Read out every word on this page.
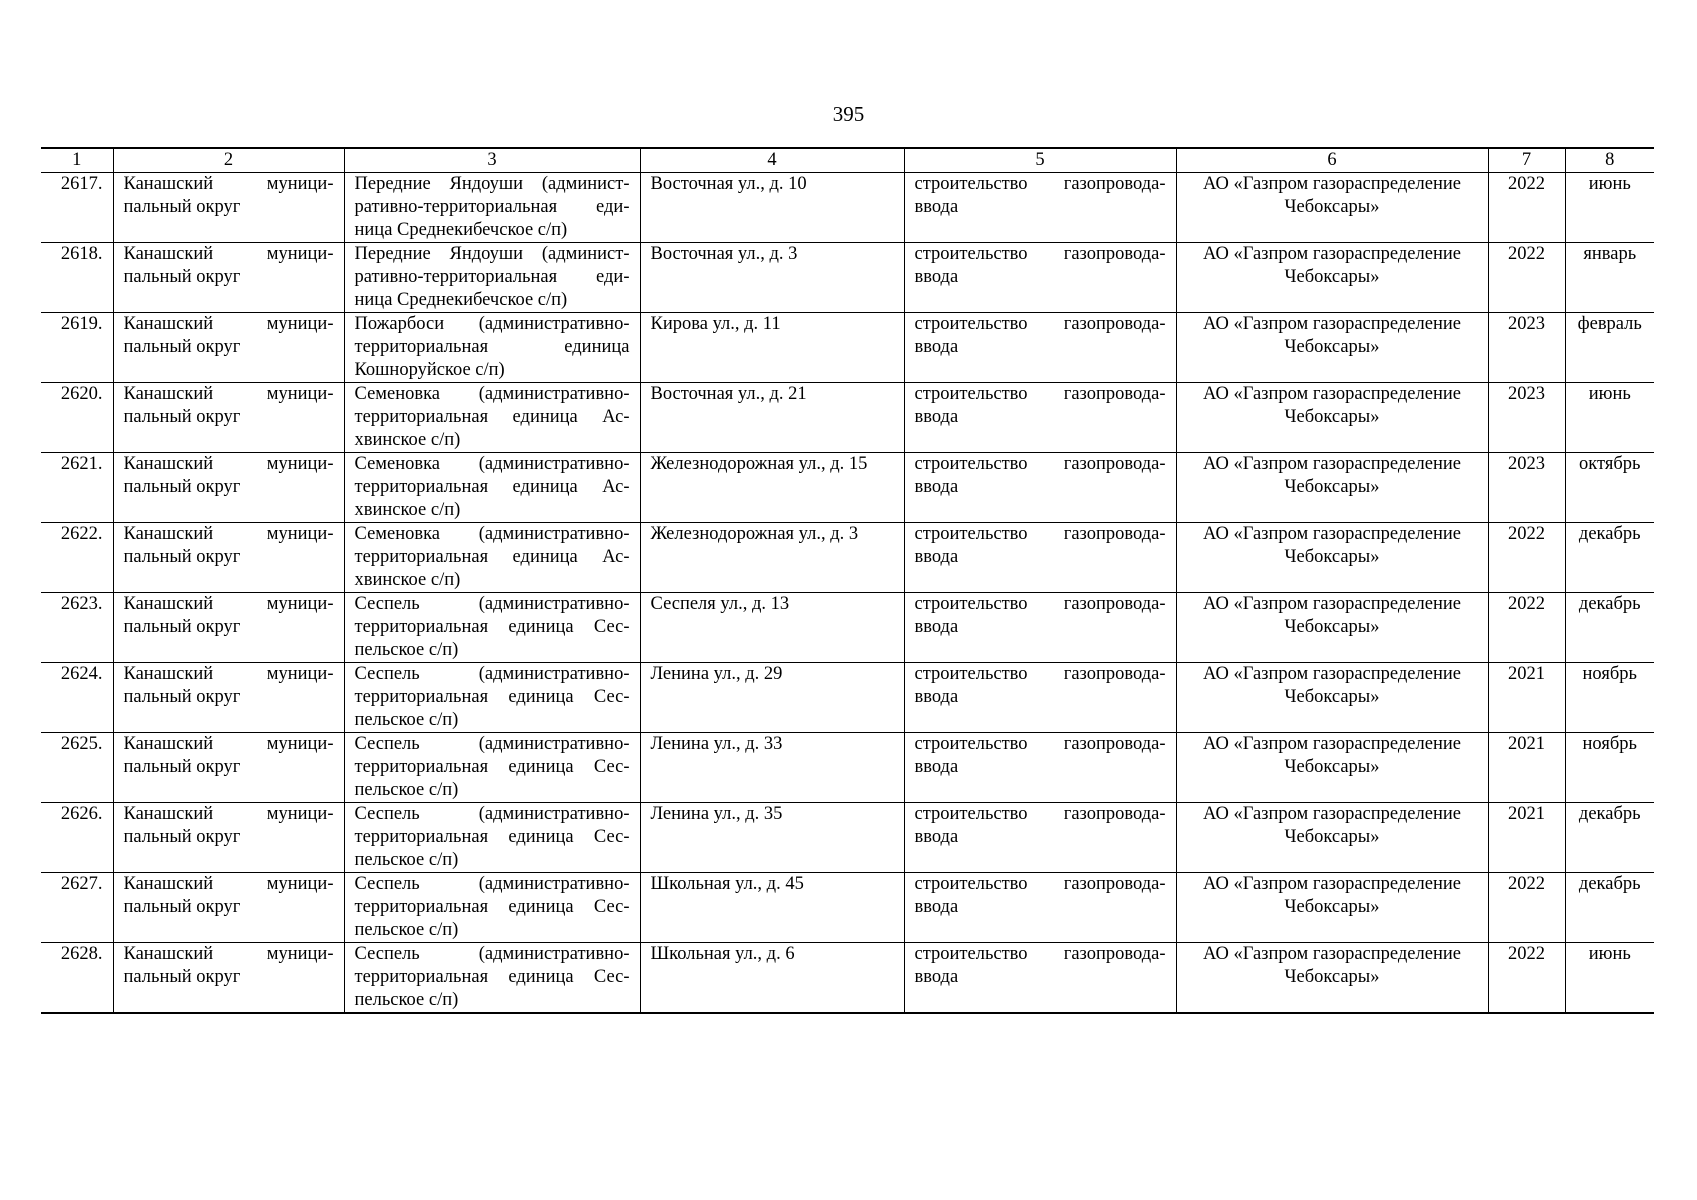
395
1	2	3	4	5	6	7	8
2617.	Канашский муници-пальный округ	Передние Яндоуши (админист-ративно-территориальная еди-ница Среднекибечское с/п)	Восточная ул., д. 10	строительство газопровода-ввода	АО «Газпром газораспределение Чебоксары»	2022	июнь
2618.	Канашский муници-пальный округ	Передние Яндоуши (админист-ративно-территориальная еди-ница Среднекибечское с/п)	Восточная ул., д. 3	строительство газопровода-ввода	АО «Газпром газораспределение Чебоксары»	2022	январь
2619.	Канашский муници-пальный округ	Пожарбоси (административно-территориальная единица Кошноруйское с/п)	Кирова ул., д. 11	строительство газопровода-ввода	АО «Газпром газораспределение Чебоксары»	2023	февраль
2620.	Канашский муници-пальный округ	Семеновка (административно-территориальная единица Ас-хвинское с/п)	Восточная ул., д. 21	строительство газопровода-ввода	АО «Газпром газораспределение Чебоксары»	2023	июнь
2621.	Канашский муници-пальный округ	Семеновка (административно-территориальная единица Ас-хвинское с/п)	Железнодорожная ул., д. 15	строительство газопровода-ввода	АО «Газпром газораспределение Чебоксары»	2023	октябрь
2622.	Канашский муници-пальный округ	Семеновка (административно-территориальная единица Ас-хвинское с/п)	Железнодорожная ул., д. 3	строительство газопровода-ввода	АО «Газпром газораспределение Чебоксары»	2022	декабрь
2623.	Канашский муници-пальный округ	Сеспель (административно-территориальная единица Сес-пельское с/п)	Сеспеля ул., д. 13	строительство газопровода-ввода	АО «Газпром газораспределение Чебоксары»	2022	декабрь
2624.	Канашский муници-пальный округ	Сеспель (административно-территориальная единица Сес-пельское с/п)	Ленина ул., д. 29	строительство газопровода-ввода	АО «Газпром газораспределение Чебоксары»	2021	ноябрь
2625.	Канашский муници-пальный округ	Сеспель (административно-территориальная единица Сес-пельское с/п)	Ленина ул., д. 33	строительство газопровода-ввода	АО «Газпром газораспределение Чебоксары»	2021	ноябрь
2626.	Канашский муници-пальный округ	Сеспель (административно-территориальная единица Сес-пельское с/п)	Ленина ул., д. 35	строительство газопровода-ввода	АО «Газпром газораспределение Чебоксары»	2021	декабрь
2627.	Канашский муници-пальный округ	Сеспель (административно-территориальная единица Сес-пельское с/п)	Школьная ул., д. 45	строительство газопровода-ввода	АО «Газпром газораспределение Чебоксары»	2022	декабрь
2628.	Канашский муници-пальный округ	Сеспель (административно-территориальная единица Сес-пельское с/п)	Школьная ул., д. 6	строительство газопровода-ввода	АО «Газпром газораспределение Чебоксары»	2022	июнь
